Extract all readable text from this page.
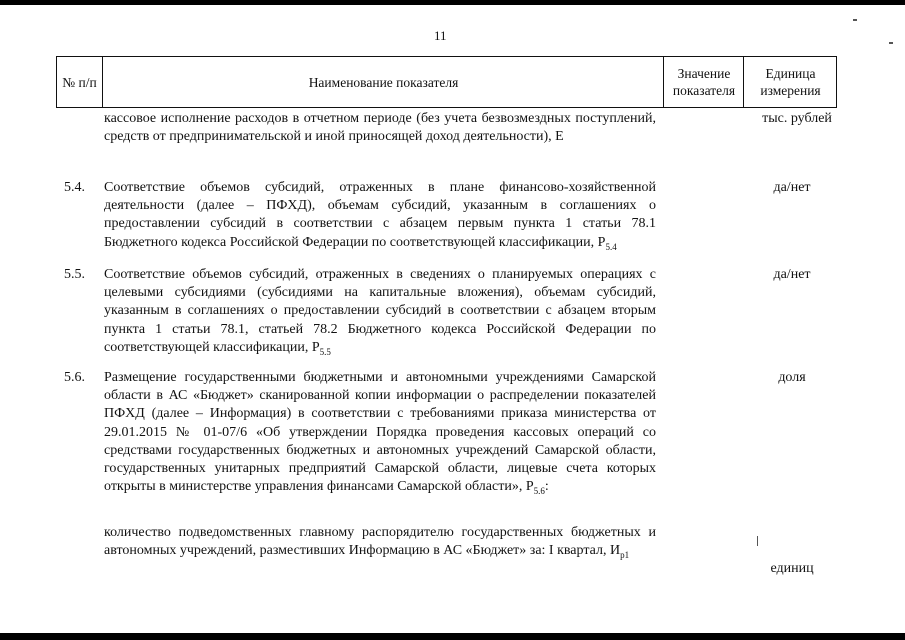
11
№ п/п	Наименование показателя
Значение показателя
Единица измерения
кассовое исполнение расходов в отчетном периоде (без учета безвозмездных поступлений, средств от предпринимательской и иной приносящей доход деятельности), Е
тыс. рублей
5.4. Соответствие объемов субсидий, отраженных в плане финансово-хозяйственной деятельности (далее – ПФХД), объемам субсидий, указанным в соглашениях о предоставлении субсидий в соответствии с абзацем первым пункта 1 статьи 78.1 Бюджетного кодекса Российской Федерации по соответствующей классификации, $P_{5.4}$
да/нет
5.5. Соответствие объемов субсидий, отраженных в сведениях о планируемых операциях с целевыми субсидиями (субсидиями на капитальные вложения), объемам субсидий, указанным в соглашениях о предоставлении субсидий в соответствии с абзацем вторым пункта 1 статьи 78.1, статьей 78.2 Бюджетного кодекса Российской Федерации по соответствующей классификации, $P_{5.5}$
да/нет
5.6. Размещение государственными бюджетными и автономными учреждениями Самарской области в АС «Бюджет» сканированной копии информации о распределении показателей ПФХД (далее – Информация) в соответствии с требованиями приказа министерства от 29.01.2015 № 01-07/6 «Об утверждении Порядка проведения кассовых операций со средствами государственных бюджетных и автономных учреждений Самарской области, государственных унитарных предприятий Самарской области, лицевые счета которых открыты в министерстве управления финансами Самарской области», $P_{5.6}$:
доля
количество подведомственных главному распорядителю государственных бюджетных и автономных учреждений, разместивших Информацию в АС «Бюджет» за: I квартал, $И_{р1}$
единиц
